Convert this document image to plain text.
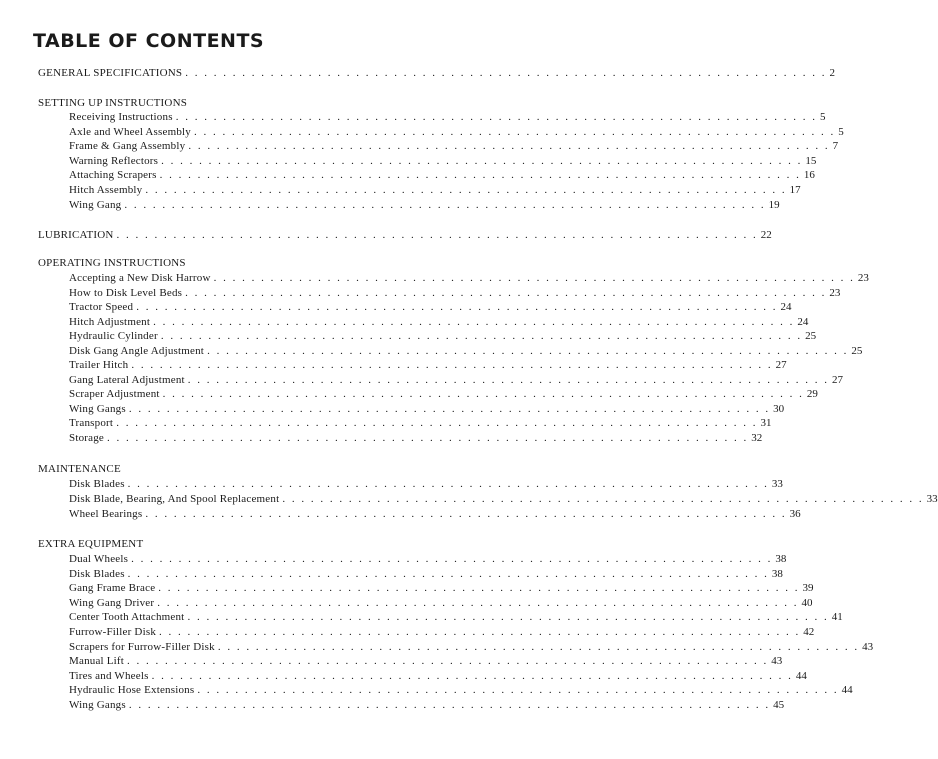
TABLE OF CONTENTS
GENERAL SPECIFICATIONS . . . . . . . . . . . . . . . . . . . . . . . . . . . . . . . . . . . . . . . . . . . . . . . . . . . . . . . . . . . . . . . . . . . . 2
SETTING UP INSTRUCTIONS
Receiving Instructions . . . . . . . . . . . . . . . . . . . . . . . . . . . . . . . . . . . . . . . . . . . . . . . . . . . . . . . . . . . . . . . . . . . . 5
Axle and Wheel Assembly . . . . . . . . . . . . . . . . . . . . . . . . . . . . . . . . . . . . . . . . . . . . . . . . . . . . . . . . . . . . . . . . . . . . 5
Frame & Gang Assembly . . . . . . . . . . . . . . . . . . . . . . . . . . . . . . . . . . . . . . . . . . . . . . . . . . . . . . . . . . . . . . . . . . . . 7
Warning Reflectors . . . . . . . . . . . . . . . . . . . . . . . . . . . . . . . . . . . . . . . . . . . . . . . . . . . . . . . . . . . . . . . . . . . . 15
Attaching Scrapers . . . . . . . . . . . . . . . . . . . . . . . . . . . . . . . . . . . . . . . . . . . . . . . . . . . . . . . . . . . . . . . . . . . . 16
Hitch Assembly . . . . . . . . . . . . . . . . . . . . . . . . . . . . . . . . . . . . . . . . . . . . . . . . . . . . . . . . . . . . . . . . . . . . 17
Wing Gang . . . . . . . . . . . . . . . . . . . . . . . . . . . . . . . . . . . . . . . . . . . . . . . . . . . . . . . . . . . . . . . . . . . . 19
LUBRICATION . . . . . . . . . . . . . . . . . . . . . . . . . . . . . . . . . . . . . . . . . . . . . . . . . . . . . . . . . . . . . . . . . . . . 22
OPERATING INSTRUCTIONS
Accepting a New Disk Harrow . . . . . . . . . . . . . . . . . . . . . . . . . . . . . . . . . . . . . . . . . . . . . . . . . . . . . . . . . . . . . . . . . . . . 23
How to Disk Level Beds . . . . . . . . . . . . . . . . . . . . . . . . . . . . . . . . . . . . . . . . . . . . . . . . . . . . . . . . . . . . . . . . . . . . 23
Tractor Speed . . . . . . . . . . . . . . . . . . . . . . . . . . . . . . . . . . . . . . . . . . . . . . . . . . . . . . . . . . . . . . . . . . . . 24
Hitch Adjustment . . . . . . . . . . . . . . . . . . . . . . . . . . . . . . . . . . . . . . . . . . . . . . . . . . . . . . . . . . . . . . . . . . . . 24
Hydraulic Cylinder . . . . . . . . . . . . . . . . . . . . . . . . . . . . . . . . . . . . . . . . . . . . . . . . . . . . . . . . . . . . . . . . . . . . 25
Disk Gang Angle Adjustment . . . . . . . . . . . . . . . . . . . . . . . . . . . . . . . . . . . . . . . . . . . . . . . . . . . . . . . . . . . . . . . . . . . . 25
Trailer Hitch . . . . . . . . . . . . . . . . . . . . . . . . . . . . . . . . . . . . . . . . . . . . . . . . . . . . . . . . . . . . . . . . . . . . 27
Gang Lateral Adjustment . . . . . . . . . . . . . . . . . . . . . . . . . . . . . . . . . . . . . . . . . . . . . . . . . . . . . . . . . . . . . . . . . . . . 27
Scraper Adjustment . . . . . . . . . . . . . . . . . . . . . . . . . . . . . . . . . . . . . . . . . . . . . . . . . . . . . . . . . . . . . . . . . . . . 29
Wing Gangs . . . . . . . . . . . . . . . . . . . . . . . . . . . . . . . . . . . . . . . . . . . . . . . . . . . . . . . . . . . . . . . . . . . . 30
Transport . . . . . . . . . . . . . . . . . . . . . . . . . . . . . . . . . . . . . . . . . . . . . . . . . . . . . . . . . . . . . . . . . . . . 31
Storage . . . . . . . . . . . . . . . . . . . . . . . . . . . . . . . . . . . . . . . . . . . . . . . . . . . . . . . . . . . . . . . . . . . . 32
MAINTENANCE
Disk Blades . . . . . . . . . . . . . . . . . . . . . . . . . . . . . . . . . . . . . . . . . . . . . . . . . . . . . . . . . . . . . . . . . . . . 33
Disk Blade, Bearing, And Spool Replacement . . . . . . . . . . . . . . . . . . . . . . . . . . . . . . . . . . . . . . . . . . . . . . . . . . . . . . . . . . . . . . . . . . . . 33
Wheel Bearings . . . . . . . . . . . . . . . . . . . . . . . . . . . . . . . . . . . . . . . . . . . . . . . . . . . . . . . . . . . . . . . . . . . . 36
EXTRA EQUIPMENT
Dual Wheels . . . . . . . . . . . . . . . . . . . . . . . . . . . . . . . . . . . . . . . . . . . . . . . . . . . . . . . . . . . . . . . . . . . . 38
Disk Blades . . . . . . . . . . . . . . . . . . . . . . . . . . . . . . . . . . . . . . . . . . . . . . . . . . . . . . . . . . . . . . . . . . . . 38
Gang Frame Brace . . . . . . . . . . . . . . . . . . . . . . . . . . . . . . . . . . . . . . . . . . . . . . . . . . . . . . . . . . . . . . . . . . . . 39
Wing Gang Driver . . . . . . . . . . . . . . . . . . . . . . . . . . . . . . . . . . . . . . . . . . . . . . . . . . . . . . . . . . . . . . . . . . . . 40
Center Tooth Attachment . . . . . . . . . . . . . . . . . . . . . . . . . . . . . . . . . . . . . . . . . . . . . . . . . . . . . . . . . . . . . . . . . . . . 41
Furrow-Filler Disk . . . . . . . . . . . . . . . . . . . . . . . . . . . . . . . . . . . . . . . . . . . . . . . . . . . . . . . . . . . . . . . . . . . . 42
Scrapers for Furrow-Filler Disk . . . . . . . . . . . . . . . . . . . . . . . . . . . . . . . . . . . . . . . . . . . . . . . . . . . . . . . . . . . . . . . . . . . . 43
Manual Lift . . . . . . . . . . . . . . . . . . . . . . . . . . . . . . . . . . . . . . . . . . . . . . . . . . . . . . . . . . . . . . . . . . . . 43
Tires and Wheels . . . . . . . . . . . . . . . . . . . . . . . . . . . . . . . . . . . . . . . . . . . . . . . . . . . . . . . . . . . . . . . . . . . . 44
Hydraulic Hose Extensions . . . . . . . . . . . . . . . . . . . . . . . . . . . . . . . . . . . . . . . . . . . . . . . . . . . . . . . . . . . . . . . . . . . . 44
Wing Gangs . . . . . . . . . . . . . . . . . . . . . . . . . . . . . . . . . . . . . . . . . . . . . . . . . . . . . . . . . . . . . . . . . . . . 45
